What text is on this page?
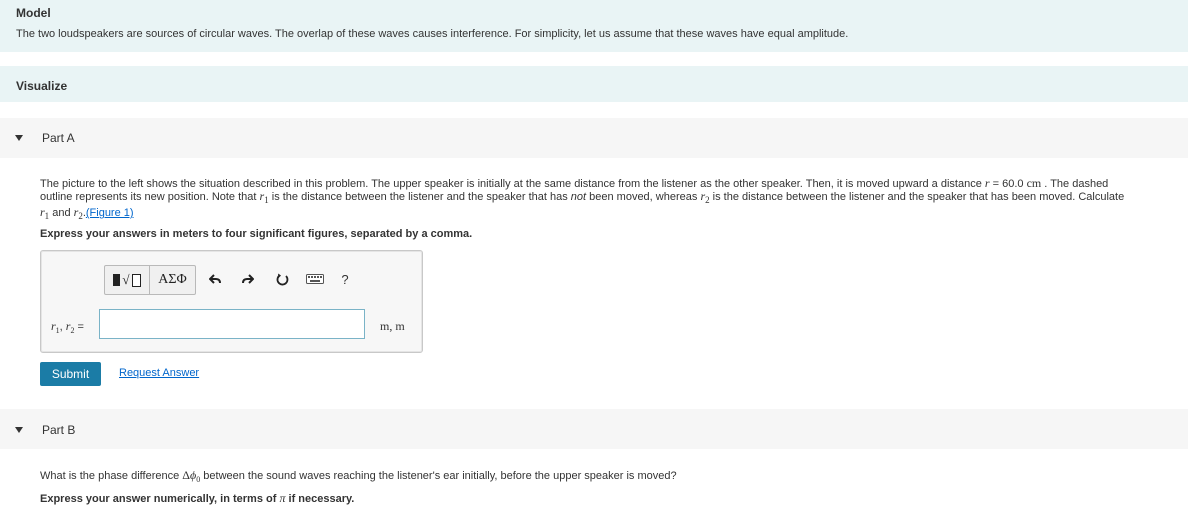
Model
The two loudspeakers are sources of circular waves. The overlap of these waves causes interference. For simplicity, let us assume that these waves have equal amplitude.
Visualize
Part A
The picture to the left shows the situation described in this problem. The upper speaker is initially at the same distance from the listener as the other speaker. Then, it is moved upward a distance r = 60.0 cm . The dashed
outline represents its new position. Note that $r_1$ is the distance between the listener and the speaker that has not been moved, whereas $r_2$ is the distance between the listener and the speaker that has been moved. Calculate
$r_1$ and $r_2.(Figure$ 1)
Express your answers in meters to four significant figures, separated by a comma.
√	ΑΣΦ	?
$r_1$, $r_2$ =	m, m
Submit	Request Answer
Part B
What is the phase difference $\Delta\phi_0$ between the sound waves reaching the listener's ear initially, before the upper speaker is moved?
Express your answer numerically, in terms of π if necessary.
